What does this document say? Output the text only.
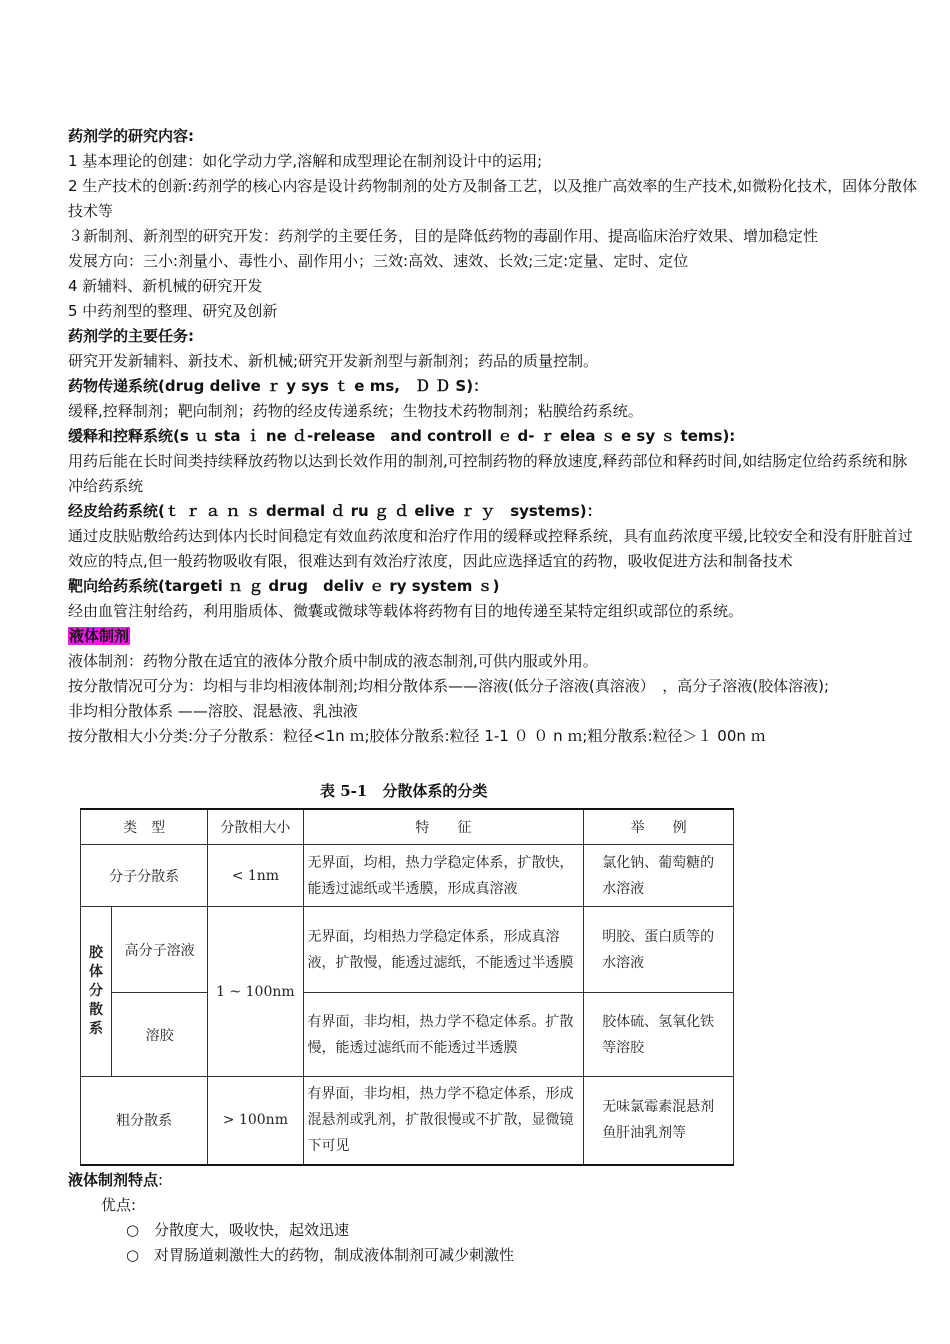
药剂学的研究内容:
1 基本理论的创建：如化学动力学,溶解和成型理论在制剂设计中的运用;
2 生产技术的创新:药剂学的核心内容是设计药物制剂的处方及制备工艺，以及推广高效率的生产技术,如微粉化技术，固体分散体技术等
３新制剂、新剂型的研究开发：药剂学的主要任务，目的是降低药物的毒副作用、提高临床治疗效果、增加稳定性
发展方向：三小:剂量小、毒性小、副作用小；三效:高效、速效、长效;三定:定量、定时、定位
4 新辅料、新机械的研究开发
5 中药剂型的整理、研究及创新
药剂学的主要任务:
研究开发新辅料、新技术、新机械;研究开发新剂型与新制剂；药品的质量控制。
药物传递系统(drug delive ｒ y sys ｔ e ms,　Ｄ Ｄ S)：
缓释,控释制剂；靶向制剂；药物的经皮传递系统；生物技术药物制剂；粘膜给药系统。
缓释和控释系统(s ｕ sta ｉ ne ｄ-release　and controll ｅ d- ｒ elea ｓ e sy ｓ tems):
用药后能在长时间类持续释放药物以达到长效作用的制剂,可控制药物的释放速度,释药部位和释药时间,如结肠定位给药系统和脉冲给药系统
经皮给药系统(ｔ ｒ ａ ｎ ｓ dermal ｄ ru ｇ ｄ elive ｒ ｙ　systems)：
通过皮肤贴敷给药达到体内长时间稳定有效血药浓度和治疗作用的缓释或控释系统，具有血药浓度平缓,比较安全和没有肝脏首过效应的特点,但一般药物吸收有限，很难达到有效治疗浓度，因此应选择适宜的药物，吸收促进方法和制备技术
靶向给药系统(targeti ｎ ｇ drug　deliv ｅ ry system ｓ)
经由血管注射给药，利用脂质体、微囊或微球等载体将药物有目的地传递至某特定组织或部位的系统。
液体制剂
液体制剂：药物分散在适宜的液体分散介质中制成的液态制剂,可供内服或外用。
按分散情况可分为：均相与非均相液体制剂;均相分散体系——溶液(低分子溶液(真溶液）　，高分子溶液(胶体溶液);
非均相分散体系 ——溶胶、混悬液、乳浊液
按分散相大小分类:分子分散系：粒径<1n ｍ;胶体分散系:粒径 1-1 ０ ０ n ｍ;粗分散系:粒径＞１ 00n ｍ
表 5-1　分散体系的分类
类　型		分散相大小	特　　征	举　　例
分子分散系		< 1nm	无界面，均相，热力学稳定体系，扩散快，能透过滤纸或半透膜，形成真溶液	氯化钠、葡萄糖的水溶液
胶体分散系	高分子溶液	1 ~ 100nm	无界面，均相热力学稳定体系，形成真溶液，扩散慢，能透过滤纸，不能透过半透膜	明胶、蛋白质等的水溶液
	溶胶		有界面，非均相，热力学不稳定体系。扩散慢，能透过滤纸而不能透过半透膜	胶体硫、氢氧化铁等溶胶
粗分散系		> 100nm	有界面，非均相，热力学不稳定体系，形成混悬剂或乳剂，扩散很慢或不扩散，显微镜下可见	无味氯霉素混悬剂鱼肝油乳剂等
液体制剂特点:
优点:
○ 分散度大，吸收快，起效迅速
○ 对胃肠道刺激性大的药物，制成液体制剂可减少刺激性
